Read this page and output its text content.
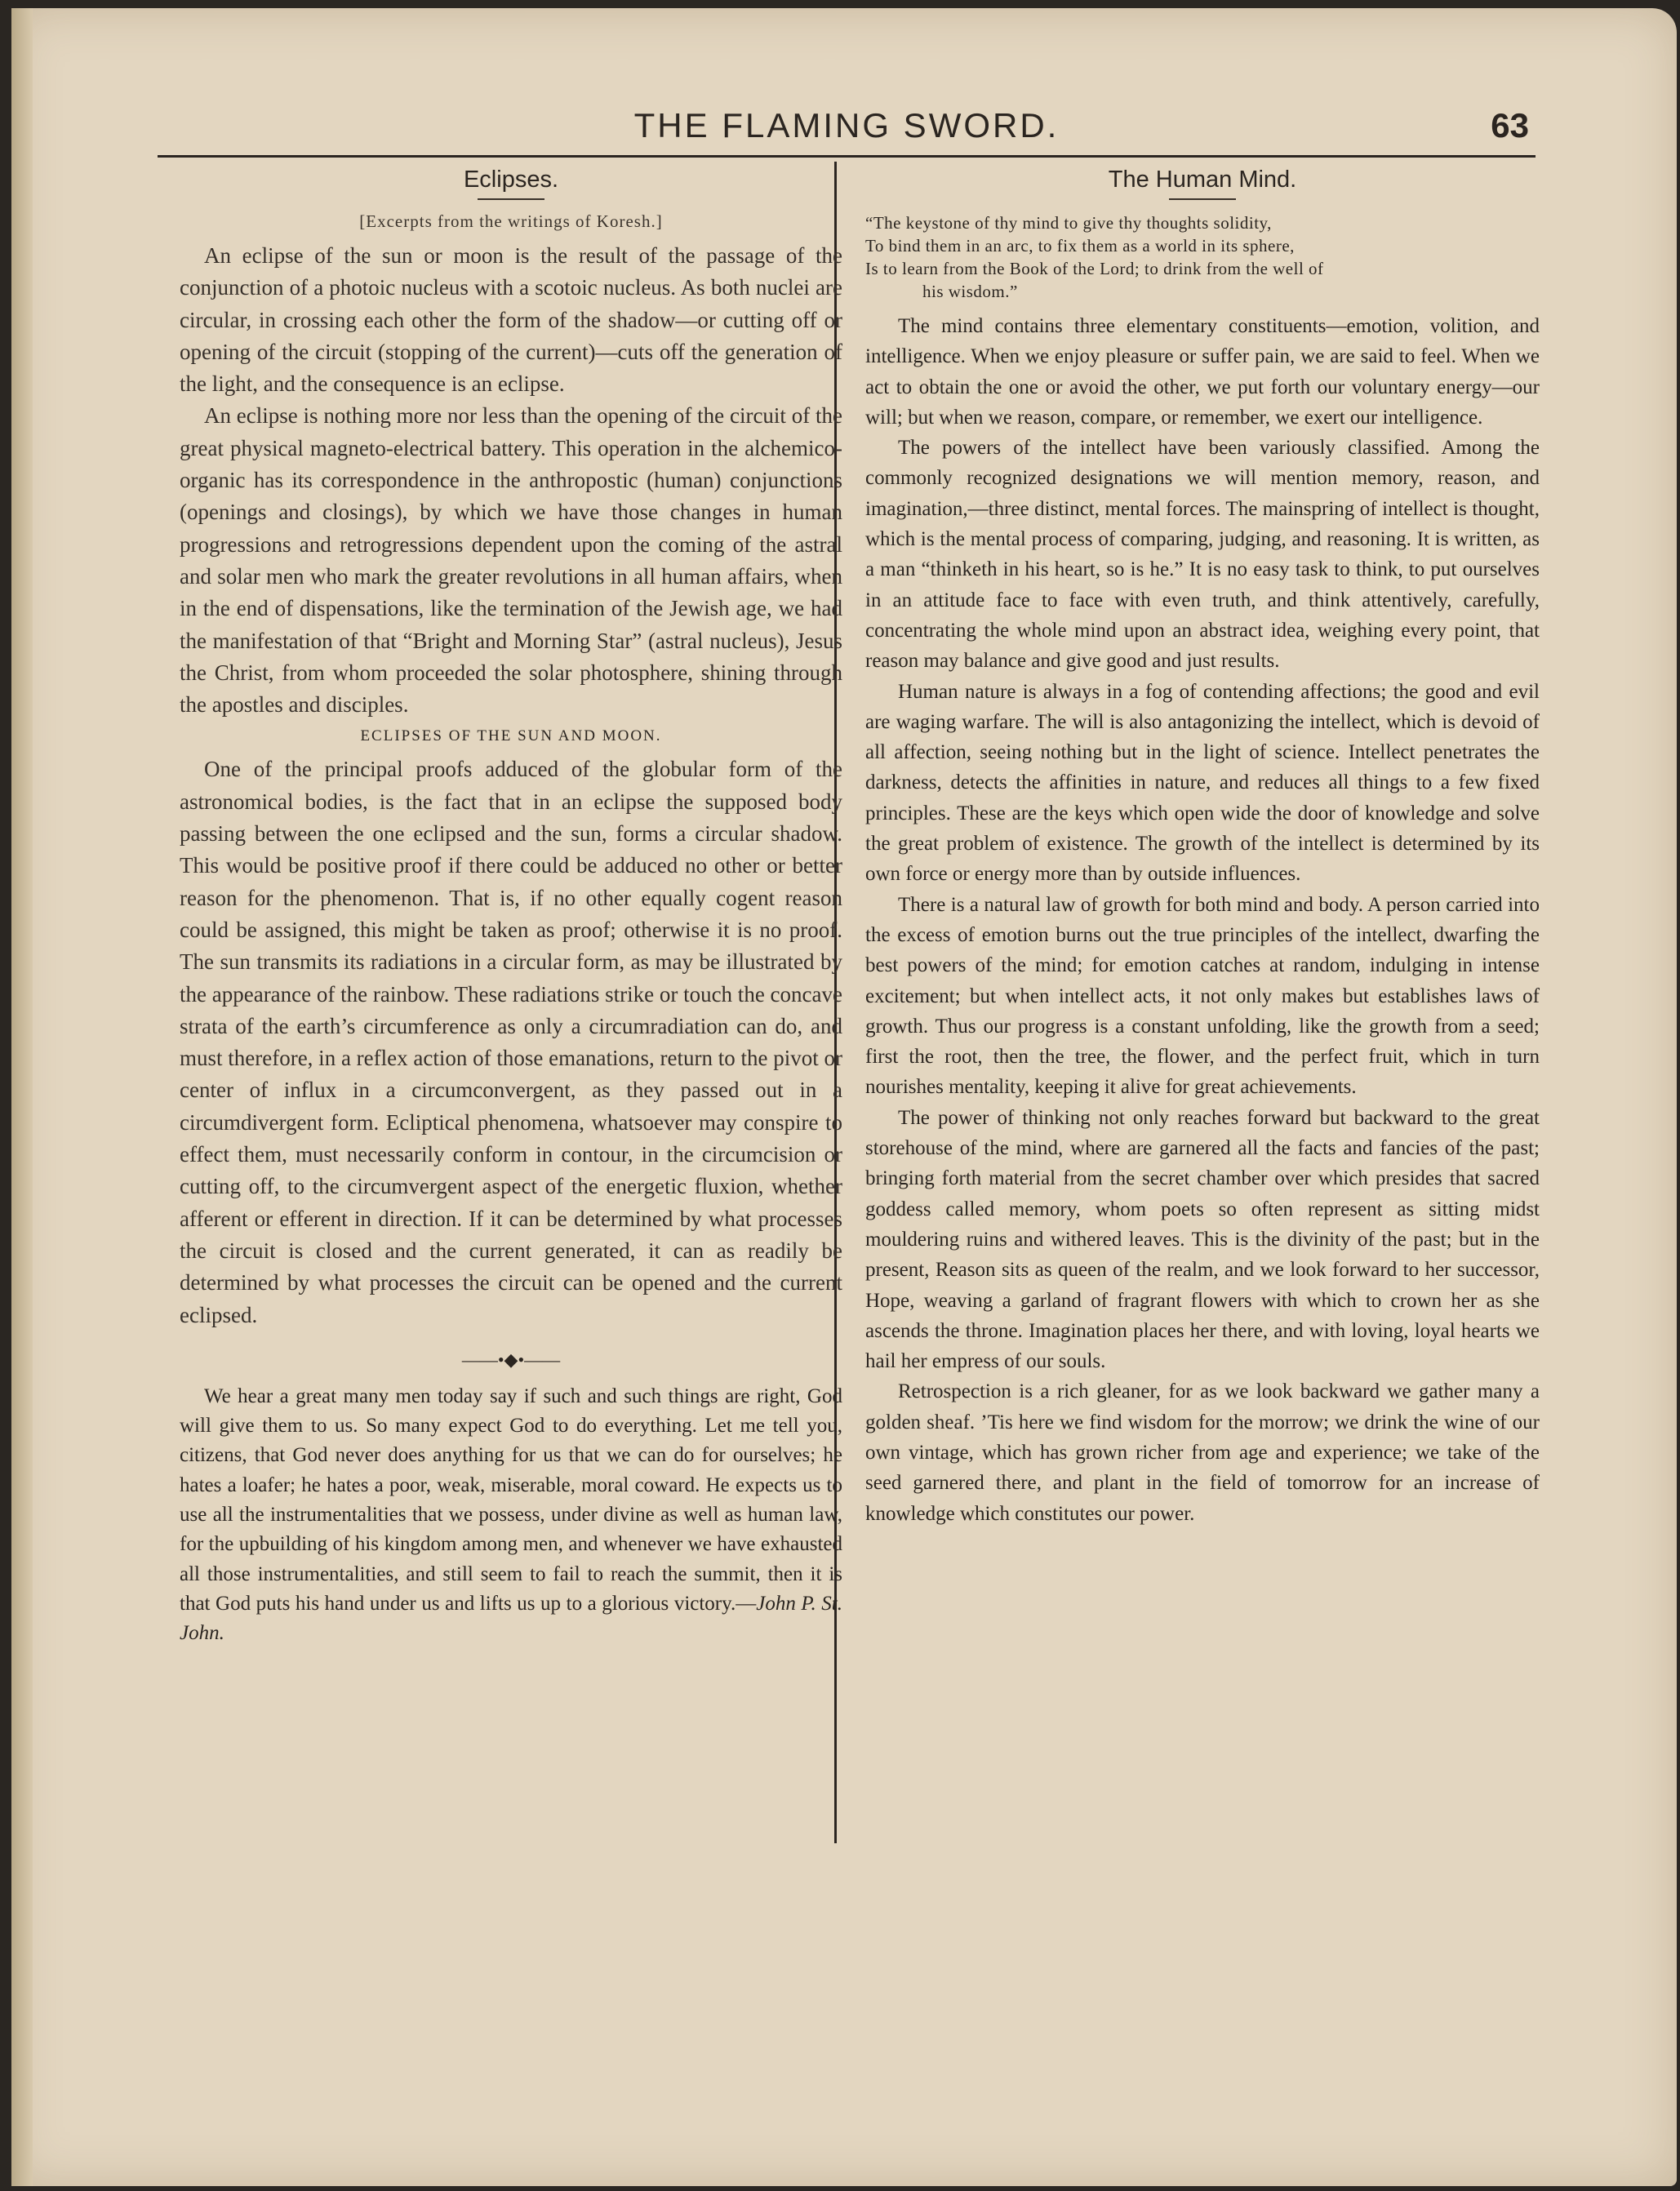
THE FLAMING SWORD.	63
Eclipses.
[Excerpts from the writings of Koresh.]

An eclipse of the sun or moon is the result of the passage of the conjunction of a photoic nucleus with a scotoic nucleus. As both nuclei are circular, in crossing each other the form of the shadow—or cutting off or opening of the circuit (stopping of the current)—cuts off the generation of the light, and the consequence is an eclipse.

An eclipse is nothing more nor less than the opening of the circuit of the great physical magneto-electrical battery. This operation in the alchemico-organic has its correspondence in the anthropostic (human) conjunctions (openings and closings), by which we have those changes in human progressions and retrogressions dependent upon the coming of the astral and solar men who mark the greater revolutions in all human affairs, when in the end of dispensations, like the termination of the Jewish age, we had the manifestation of that “Bright and Morning Star” (astral nucleus), Jesus the Christ, from whom proceeded the solar photosphere, shining through the apostles and disciples.

ECLIPSES OF THE SUN AND MOON.

One of the principal proofs adduced of the globular form of the astronomical bodies, is the fact that in an eclipse the supposed body passing between the one eclipsed and the sun, forms a circular shadow. This would be positive proof if there could be adduced no other or better reason for the phenomenon. That is, if no other equally cogent reason could be assigned, this might be taken as proof; otherwise it is no proof. The sun transmits its radiations in a circular form, as may be illustrated by the appearance of the rainbow. These radiations strike or touch the concave strata of the earth’s circumference as only a circumradiation can do, and must therefore, in a reflex action of those emanations, return to the pivot or center of influx in a circumconvergent, as they passed out in a circumdivergent form. Ecliptical phenomena, whatsoever may conspire to effect them, must necessarily conform in contour, in the circumcision or cutting off, to the circumvergent aspect of the energetic fluxion, whether afferent or efferent in direction. If it can be determined by what processes the circuit is closed and the current generated, it can as readily be determined by what processes the circuit can be opened and the current eclipsed.

——•◆•——

We hear a great many men today say if such and such things are right, God will give them to us. So many expect God to do everything. Let me tell you, citizens, that God never does anything for us that we can do for ourselves; he hates a loafer; he hates a poor, weak, miserable, moral coward. He expects us to use all the instrumentalities that we possess, under divine as well as human law, for the upbuilding of his kingdom among men, and whenever we have exhausted all those instrumentalities, and still seem to fail to reach the summit, then it is that God puts his hand under us and lifts us up to a glorious victory.—John P. St. John.

The Human Mind.
“The keystone of thy mind to give thy thoughts solidity,
To bind them in an arc, to fix them as a world in its sphere,
Is to learn from the Book of the Lord; to drink from the well of
his wisdom.”

The mind contains three elementary constituents—emotion, volition, and intelligence. When we enjoy pleasure or suffer pain, we are said to feel. When we act to obtain the one or avoid the other, we put forth our voluntary energy—our will; but when we reason, compare, or remember, we exert our intelligence.

The powers of the intellect have been variously classified. Among the commonly recognized designations we will mention memory, reason, and imagination,—three distinct, mental forces. The mainspring of intellect is thought, which is the mental process of comparing, judging, and reasoning. It is written, as a man “thinketh in his heart, so is he.” It is no easy task to think, to put ourselves in an attitude face to face with even truth, and think attentively, carefully, concentrating the whole mind upon an abstract idea, weighing every point, that reason may balance and give good and just results.

Human nature is always in a fog of contending affections; the good and evil are waging warfare. The will is also antagonizing the intellect, which is devoid of all affection, seeing nothing but in the light of science. Intellect penetrates the darkness, detects the affinities in nature, and reduces all things to a few fixed principles. These are the keys which open wide the door of knowledge and solve the great problem of existence. The growth of the intellect is determined by its own force or energy more than by outside influences.

There is a natural law of growth for both mind and body. A person carried into the excess of emotion burns out the true principles of the intellect, dwarfing the best powers of the mind; for emotion catches at random, indulging in intense excitement; but when intellect acts, it not only makes but establishes laws of growth. Thus our progress is a constant unfolding, like the growth from a seed; first the root, then the tree, the flower, and the perfect fruit, which in turn nourishes mentality, keeping it alive for great achievements.

The power of thinking not only reaches forward but backward to the great storehouse of the mind, where are garnered all the facts and fancies of the past; bringing forth material from the secret chamber over which presides that sacred goddess called memory, whom poets so often represent as sitting midst mouldering ruins and withered leaves. This is the divinity of the past; but in the present, Reason sits as queen of the realm, and we look forward to her successor, Hope, weaving a garland of fragrant flowers with which to crown her as she ascends the throne. Imagination places her there, and with loving, loyal hearts we hail her empress of our souls.

Retrospection is a rich gleaner, for as we look backward we gather many a golden sheaf. ’Tis here we find wisdom for the morrow; we drink the wine of our own vintage, which has grown richer from age and experience; we take of the seed garnered there, and plant in the field of tomorrow for an increase of knowledge which constitutes our power.
